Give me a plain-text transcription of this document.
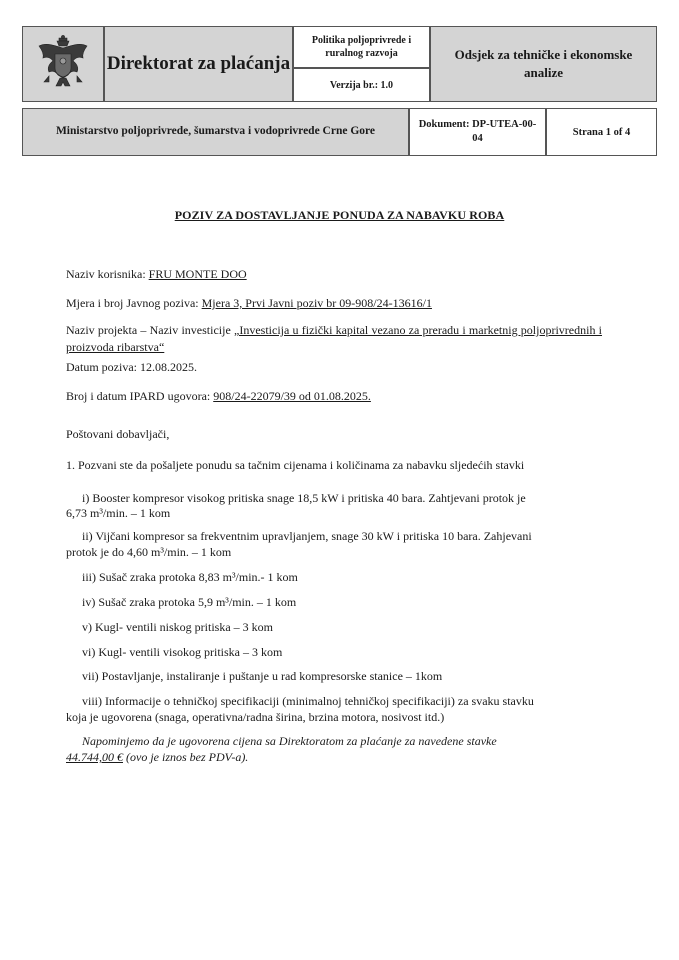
Direktorat za plaćanja
Politika poljoprivrede i ruralnog razvoja
Verzija br.: 1.0
Odsjek za tehničke i ekonomske analize
Ministarstvo poljoprivrede, šumarstva i vodoprivrede Crne Gore
Dokument: DP-UTEA-00-04
Strana 1 of 4
POZIV ZA DOSTAVLJANJE PONUDA ZA NABAVKU ROBA
Naziv korisnika: FRU MONTE DOO
Mjera i broj Javnog poziva: Mjera 3, Prvi Javni poziv br 09-908/24-13616/1
Naziv projekta – Naziv investicije „Investicija u fizički kapital vezano za preradu i marketnig poljoprivrednih i proizvoda ribarstva“
Datum poziva: 12.08.2025.
Broj i datum IPARD ugovora: 908/24-22079/39 od 01.08.2025.
Poštovani dobavljači,
1. Pozvani ste da pošaljete ponudu sa tačnim cijenama i količinama za nabavku sljedećih stavki
i) Booster kompresor visokog pritiska snage 18,5 kW i pritiska 40 bara. Zahtjevani protok je
6,73 m³/min. – 1 kom
ii) Vijčani kompresor sa frekventnim upravljanjem, snage 30 kW i pritiska 10 bara. Zahjevani
protok je do 4,60 m³/min. – 1 kom
iii) Sušač zraka protoka 8,83 m³/min.- 1 kom
iv) Sušač zraka protoka 5,9 m³/min. – 1 kom
v) Kugl- ventili niskog pritiska – 3 kom
vi) Kugl- ventili visokog pritiska – 3 kom
vii) Postavljanje, instaliranje i puštanje u rad kompresorske stanice – 1kom
viii) Informacije o tehničkoj specifikaciji (minimalnoj tehničkoj specifikaciji) za svaku stavku
koja je ugovorena (snaga, operativna/radna širina, brzina motora, nosivost itd.)
Napominjemo da je ugovorena cijena sa Direktoratom za plaćanje za navedene stavke
44.744,00 € (ovo je iznos bez PDV-a).
